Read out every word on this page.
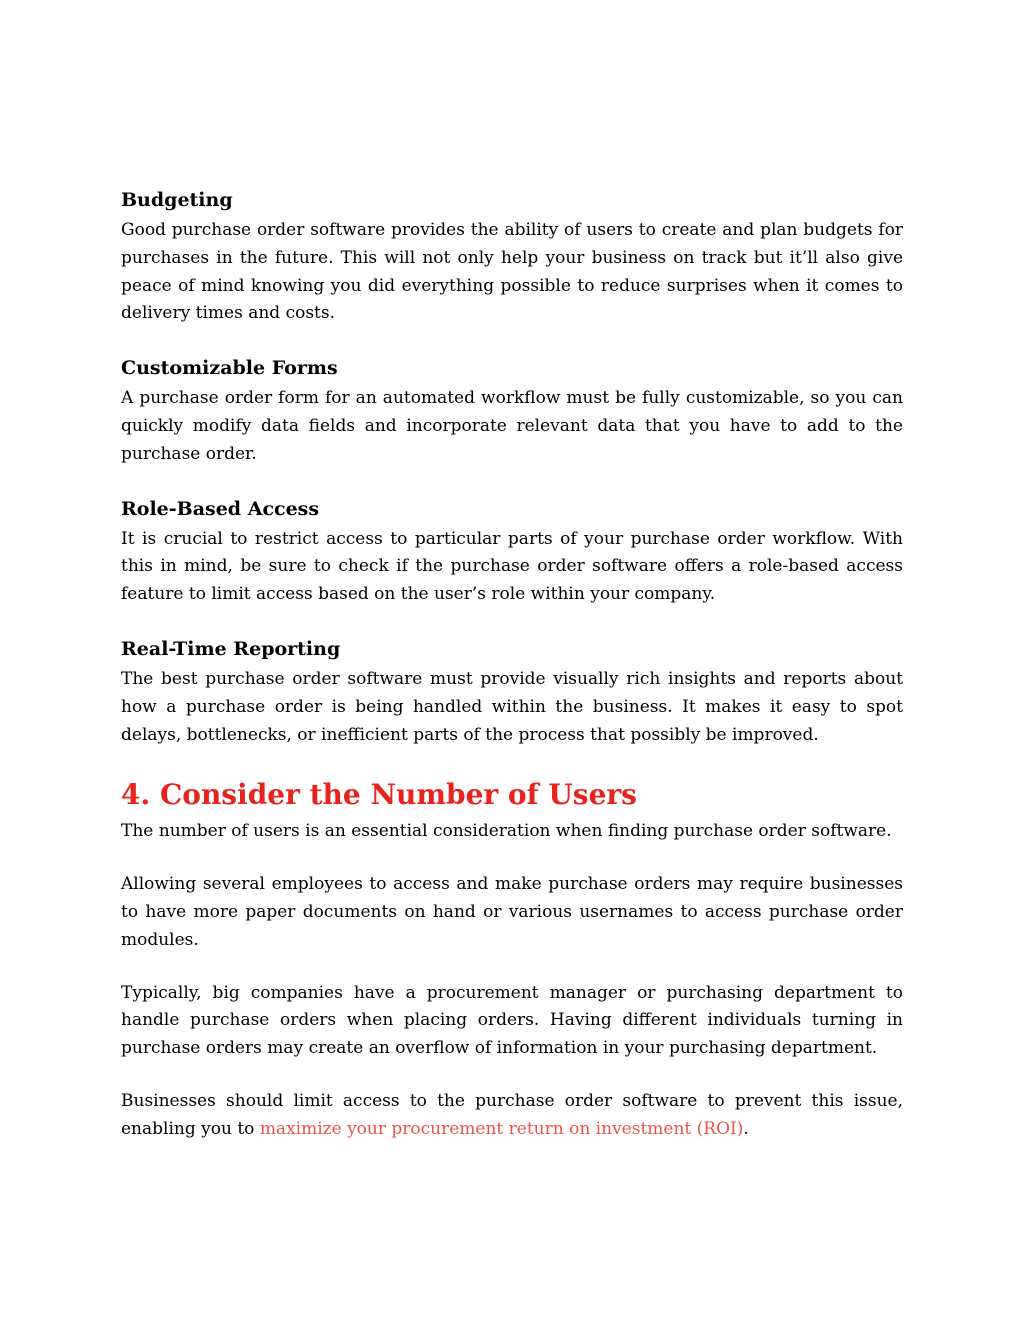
Budgeting

Good purchase order software provides the ability of users to create and plan budgets for purchases in the future. This will not only help your business on track but it’ll also give peace of mind knowing you did everything possible to reduce surprises when it comes to delivery times and costs.

Customizable Forms

A purchase order form for an automated workflow must be fully customizable, so you can quickly modify data fields and incorporate relevant data that you have to add to the purchase order.

Role-Based Access

It is crucial to restrict access to particular parts of your purchase order workflow. With this in mind, be sure to check if the purchase order software offers a role-based access feature to limit access based on the user’s role within your company.

Real-Time Reporting

The best purchase order software must provide visually rich insights and reports about how a purchase order is being handled within the business. It makes it easy to spot delays, bottlenecks, or inefficient parts of the process that possibly be improved.

4. Consider the Number of Users

The number of users is an essential consideration when finding purchase order software.

Allowing several employees to access and make purchase orders may require businesses to have more paper documents on hand or various usernames to access purchase order modules.

Typically, big companies have a procurement manager or purchasing department to handle purchase orders when placing orders. Having different individuals turning in purchase orders may create an overflow of information in your purchasing department.

Businesses should limit access to the purchase order software to prevent this issue, enabling you to maximize your procurement return on investment (ROI).
